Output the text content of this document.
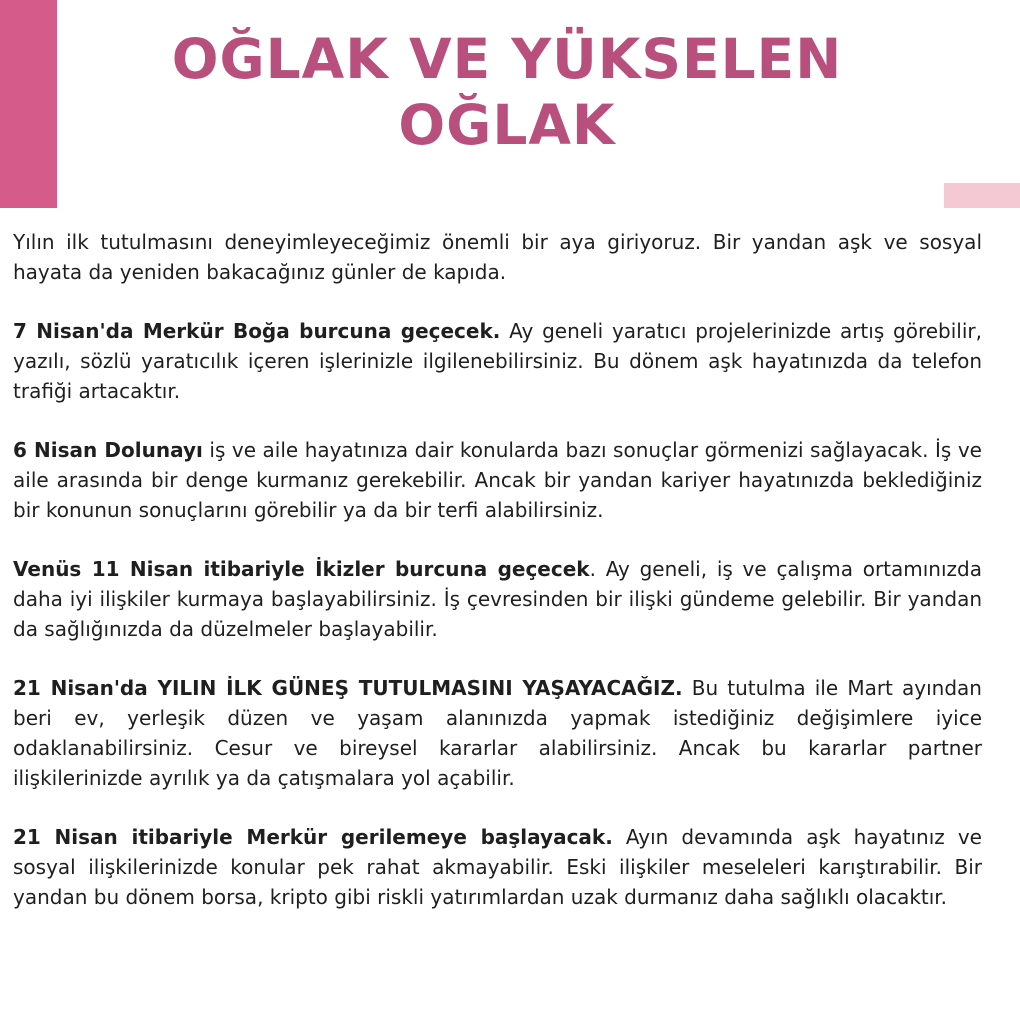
OĞLAK VE YÜKSELEN
OĞLAK

Yılın ilk tutulmasını deneyimleyeceğimiz önemli bir aya giriyoruz. Bir yandan aşk ve sosyal hayata da yeniden bakacağınız günler de kapıda.

7 Nisan'da Merkür Boğa burcuna geçecek. Ay geneli yaratıcı projelerinizde artış görebilir, yazılı, sözlü yaratıcılık içeren işlerinizle ilgilenebilirsiniz. Bu dönem aşk hayatınızda da telefon trafiği artacaktır.

6 Nisan Dolunayı iş ve aile hayatınıza dair konularda bazı sonuçlar görmenizi sağlayacak. İş ve aile arasında bir denge kurmanız gerekebilir. Ancak bir yandan kariyer hayatınızda beklediğiniz bir konunun sonuçlarını görebilir ya da bir terfi alabilirsiniz.

Venüs 11 Nisan itibariyle İkizler burcuna geçecek. Ay geneli, iş ve çalışma ortamınızda daha iyi ilişkiler kurmaya başlayabilirsiniz. İş çevresinden bir ilişki gündeme gelebilir. Bir yandan da sağlığınızda da düzelmeler başlayabilir.

21 Nisan'da YILIN İLK GÜNEŞ TUTULMASINI YAŞAYACAĞIZ. Bu tutulma ile Mart ayından beri ev, yerleşik düzen ve yaşam alanınızda yapmak istediğiniz değişimlere iyice odaklanabilirsiniz. Cesur ve bireysel kararlar alabilirsiniz. Ancak bu kararlar partner ilişkilerinizde ayrılık ya da çatışmalara yol açabilir.

21 Nisan itibariyle Merkür gerilemeye başlayacak. Ayın devamında aşk hayatınız ve sosyal ilişkilerinizde konular pek rahat akmayabilir. Eski ilişkiler meseleleri karıştırabilir. Bir yandan bu dönem borsa, kripto gibi riskli yatırımlardan uzak durmanız daha sağlıklı olacaktır.
